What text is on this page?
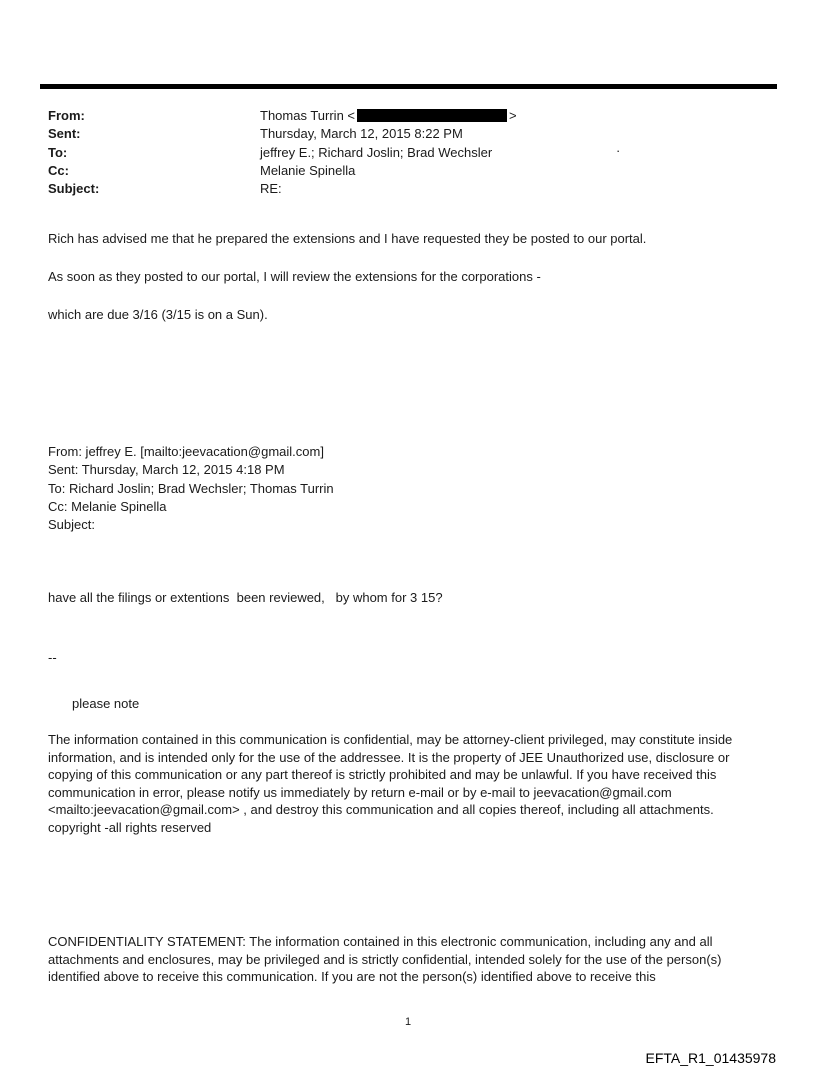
From:	Thomas Turrin <	>
Sent:	Thursday, March 12, 2015 8:22 PM
To:	jeffrey E.; Richard Joslin; Brad Wechsler
Cc:	Melanie Spinella
Subject:	RE:
·
Rich has advised me that he prepared the extensions and I have requested they be posted to our portal.
As soon as they posted to our portal, I will review the extensions for the corporations -
which are due 3/16 (3/15 is on a Sun).
From: jeffrey E. [mailto:jeevacation@gmail.com]
Sent: Thursday, March 12, 2015 4:18 PM
To: Richard Joslin; Brad Wechsler; Thomas Turrin
Cc: Melanie Spinella
Subject:
have all the filings or extentions  been reviewed,   by whom for 3 15?
--
please note
The information contained in this communication is confidential, may be attorney-client privileged, may constitute inside information, and is intended only for the use of the addressee. It is the property of JEE Unauthorized use, disclosure or copying of this communication or any part thereof is strictly prohibited and may be unlawful. If you have received this communication in error, please notify us immediately by return e-mail or by e-mail to jeevacation@gmail.com <mailto:jeevacation@gmail.com> , and destroy this communication and all copies thereof, including all attachments. copyright -all rights reserved
CONFIDENTIALITY STATEMENT: The information contained in this electronic communication, including any and all attachments and enclosures, may be privileged and is strictly confidential, intended solely for the use of the person(s) identified above to receive this communication. If you are not the person(s) identified above to receive this
1
EFTA_R1_01435978
